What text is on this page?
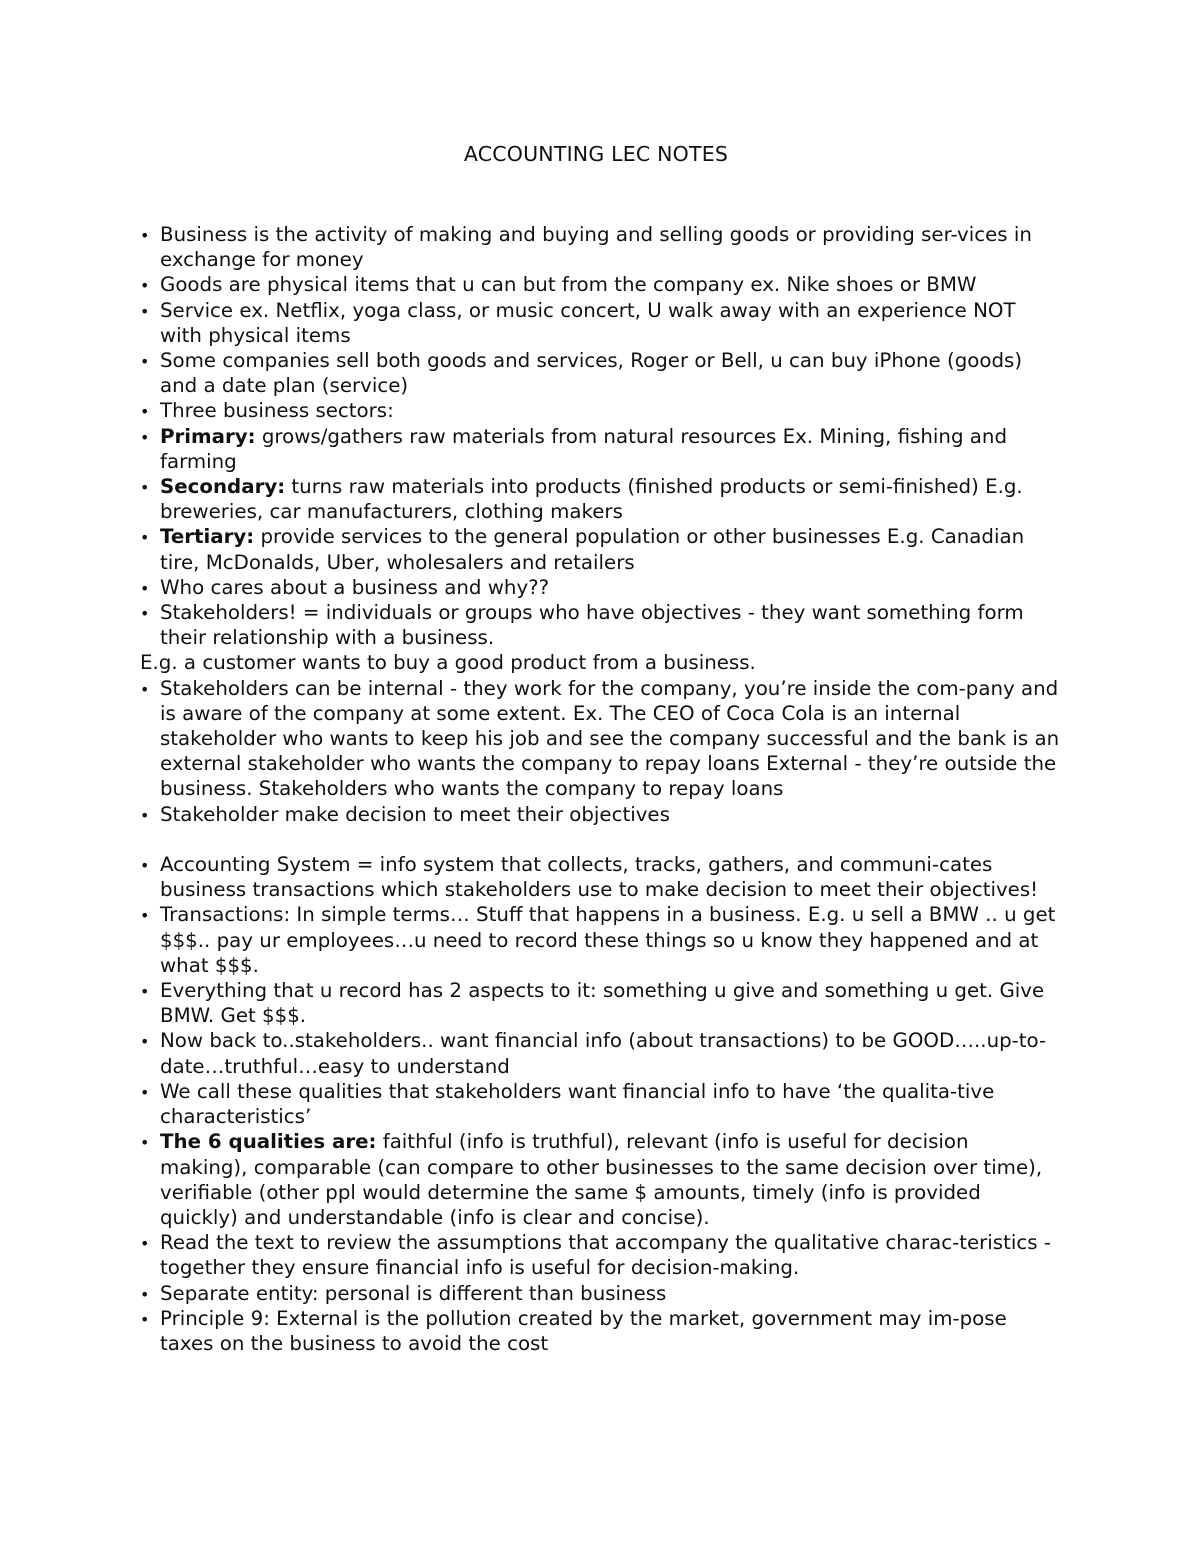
ACCOUNTING LEC NOTES
•
Business is the activity of making and buying and selling goods or providing ser-vices in exchange for money
•
Goods are physical items that u can but from the company ex. Nike shoes or BMW
•
Service ex. Netflix, yoga class, or music concert, U walk away with an experience NOT with physical items
•
Some companies sell both goods and services, Roger or Bell, u can buy iPhone (goods) and a date plan (service)
•
Three business sectors:
•
Primary: grows/gathers raw materials from natural resources Ex. Mining, fishing and farming
•
Secondary: turns raw materials into products (finished products or semi-finished) E.g. breweries, car manufacturers, clothing makers
•
Tertiary: provide services to the general population or other businesses E.g. Canadian tire, McDonalds, Uber, wholesalers and retailers
•
Who cares about a business and why??
•
Stakeholders! = individuals or groups who have objectives - they want something form their relationship with a business.
E.g. a customer wants to buy a good product from a business.
•
Stakeholders can be internal - they work for the company, you’re inside the com-pany and is aware of the company at some extent. Ex. The CEO of Coca Cola is an internal stakeholder who wants to keep his job and see the company successful and the bank is an external stakeholder who wants the company to repay loans External - they’re outside the business. Stakeholders who wants the company to repay loans
•
Stakeholder make decision to meet their objectives
•
Accounting System = info system that collects, tracks, gathers, and communi-cates business transactions which stakeholders use to make decision to meet their objectives!
•
Transactions: In simple terms… Stuff that happens in a business. E.g. u sell a BMW .. u get $$$.. pay ur employees…u need to record these things so u know they happened and at what $$$.
•
Everything that u record has 2 aspects to it: something u give and something u get. Give BMW. Get $$$.
•
Now back to..stakeholders.. want financial info (about transactions) to be GOOD…..up-to-date…truthful…easy to understand
•
We call these qualities that stakeholders want financial info to have ‘the qualita-tive characteristics’
•
The 6 qualities are: faithful (info is truthful), relevant (info is useful for decision making), comparable (can compare to other businesses to the same decision over time), verifiable (other ppl would determine the same $ amounts, timely (info is provided quickly) and understandable (info is clear and concise).
•
Read the text to review the assumptions that accompany the qualitative charac-teristics - together they ensure financial info is useful for decision-making.
•
Separate entity: personal is different than business
•
Principle 9: External is the pollution created by the market, government may im-pose taxes on the business to avoid the cost
